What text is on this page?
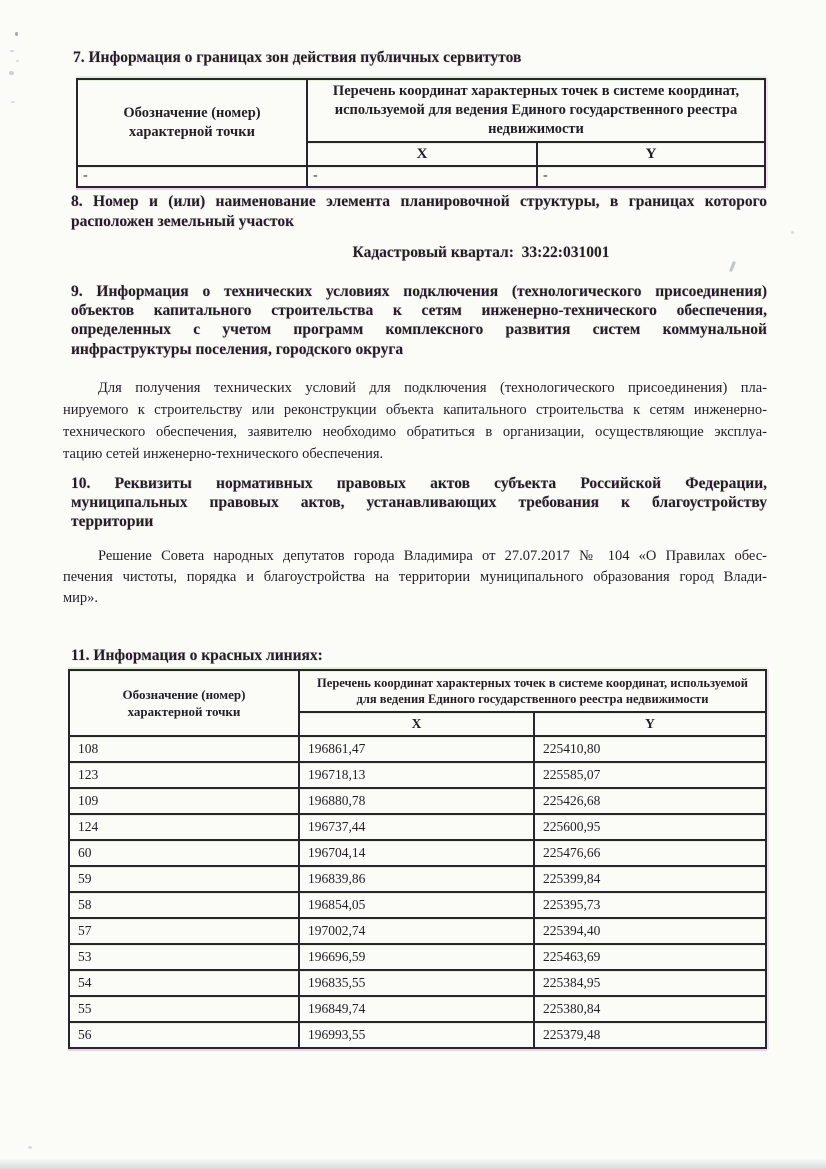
7. Информация о границах зон действия публичных сервитутов
Обозначение (номер) характерной точки	Перечень координат характерных точек в системе координат, используемой для ведения Единого государственного реестра недвижимости	
	X	Y
-	-	-
8. Номер и (или) наименование элемента планировочной структуры, в границах которого
расположен земельный участок
Кадастровый квартал:  33:22:031001
9. Информация о технических условиях подключения (технологического присоединения)
объектов капитального строительства к сетям инженерно-технического обеспечения,
определенных с учетом программ комплексного развития систем коммунальной
инфраструктуры поселения, городского округа
Для получения технических условий для подключения (технологического присоединения) пла-
нируемого к строительству или реконструкции объекта капитального строительства к сетям инженерно-
технического обеспечения, заявителю необходимо обратиться в организации, осуществляющие эксплуа-
тацию сетей инженерно-технического обеспечения.
10. Реквизиты нормативных правовых актов субъекта Российской Федерации,
муниципальных правовых актов, устанавливающих требования к благоустройству
территории
Решение Совета народных депутатов города Владимира от 27.07.2017 № 104 «О Правилах обес-
печения чистоты, порядка и благоустройства на территории муниципального образования город Влади-
мир».
11. Информация о красных линиях:
Обозначение (номер) характерной точки	Перечень координат характерных точек в системе координат, используемой для ведения Единого государственного реестра недвижимости	
	X	Y
108	196861,47	225410,80
123	196718,13	225585,07
109	196880,78	225426,68
124	196737,44	225600,95
60	196704,14	225476,66
59	196839,86	225399,84
58	196854,05	225395,73
57	197002,74	225394,40
53	196696,59	225463,69
54	196835,55	225384,95
55	196849,74	225380,84
56	196993,55	225379,48
